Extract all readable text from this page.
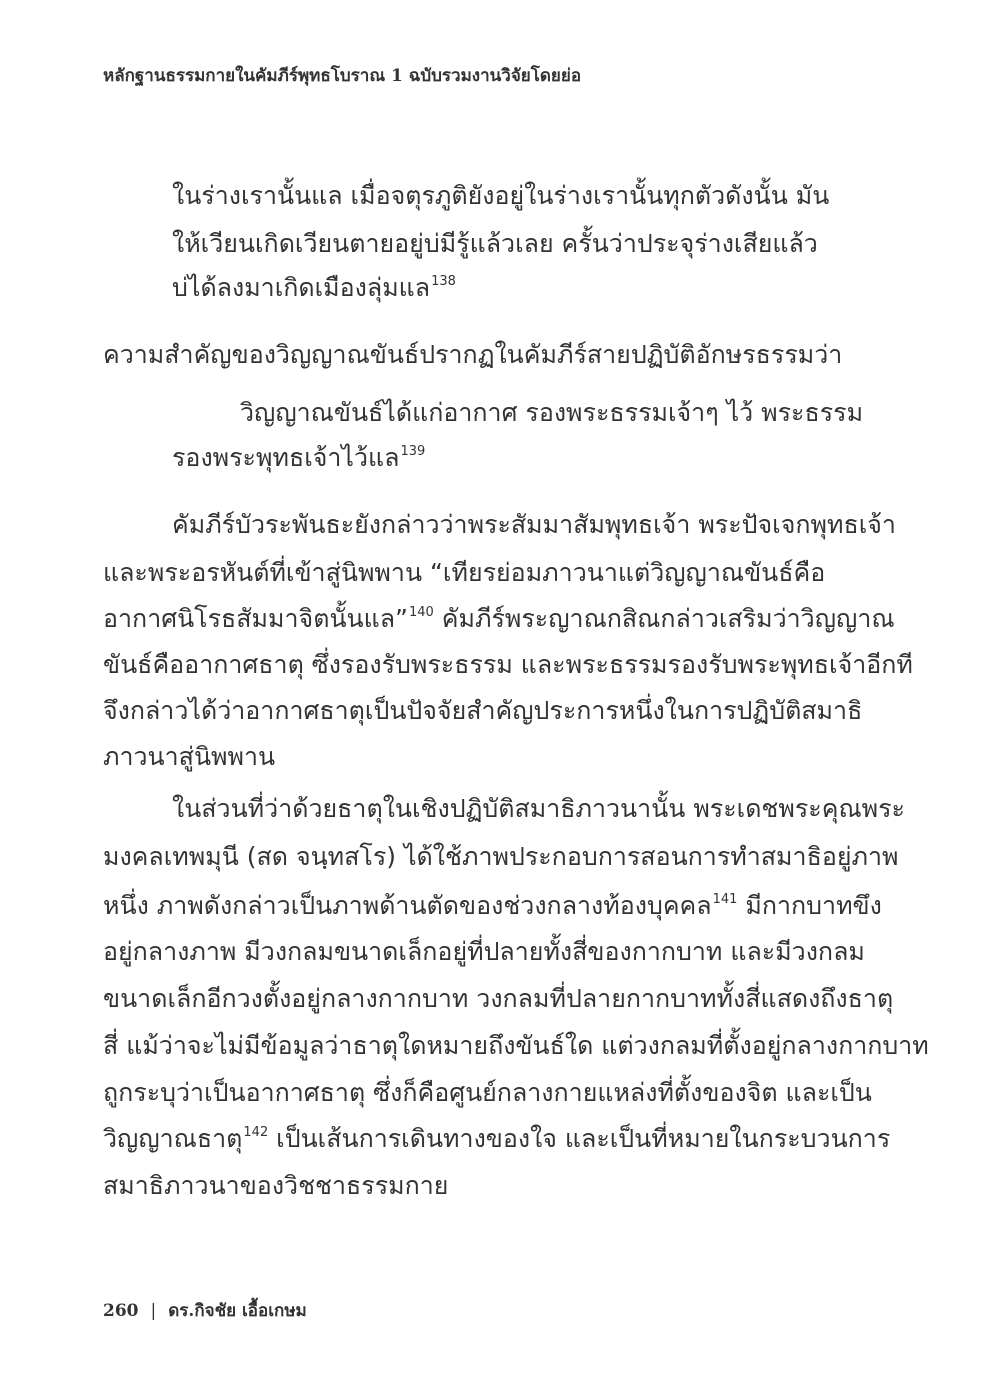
หลักฐานธรรมกายในคัมภีร์พุทธโบราณ 1 ฉบับรวมงานวิจัยโดยย่อ
ในร่างเรานั้นแล เมื่อจตุรภูติยังอยู่ในร่างเรานั้นทุกตัวดังนั้น มัน
ให้เวียนเกิดเวียนตายอยู่บ่มีรู้แล้วเลย ครั้นว่าประจุร่างเสียแล้ว
บ่ได้ลงมาเกิดเมืองลุ่มแล$^{138}$
ความสำคัญของวิญญาณขันธ์ปรากฏในคัมภีร์สายปฏิบัติอักษรธรรมว่า
วิญญาณขันธ์ได้แก่อากาศ รองพระธรรมเจ้าๆ ไว้ พระธรรม
รองพระพุทธเจ้าไว้แล$^{139}$
คัมภีร์บัวระพันธะยังกล่าวว่าพระสัมมาสัมพุทธเจ้า พระปัจเจกพุทธเจ้า
และพระอรหันต์ที่เข้าสู่นิพพาน “เทียรย่อมภาวนาแต่วิญญาณขันธ์คือ
อากาศนิโรธสัมมาจิตนั้นแล”$^{140}$ คัมภีร์พระญาณกสิณกล่าวเสริมว่าวิญญาณ
ขันธ์คืออากาศธาตุ ซึ่งรองรับพระธรรม และพระธรรมรองรับพระพุทธเจ้าอีกที
จึงกล่าวได้ว่าอากาศธาตุเป็นปัจจัยสำคัญประการหนึ่งในการปฏิบัติสมาธิ
ภาวนาสู่นิพพาน
ในส่วนที่ว่าด้วยธาตุในเชิงปฏิบัติสมาธิภาวนานั้น พระเดชพระคุณพระ
มงคลเทพมุนี (สด จนฺทสโร) ได้ใช้ภาพประกอบการสอนการทำสมาธิอยู่ภาพ
หนึ่ง ภาพดังกล่าวเป็นภาพด้านตัดของช่วงกลางท้องบุคคล$^{141}$ มีกากบาทขึง
อยู่กลางภาพ มีวงกลมขนาดเล็กอยู่ที่ปลายทั้งสี่ของกากบาท และมีวงกลม
ขนาดเล็กอีกวงตั้งอยู่กลางกากบาท วงกลมที่ปลายกากบาททั้งสี่แสดงถึงธาตุ
สี่ แม้ว่าจะไม่มีข้อมูลว่าธาตุใดหมายถึงขันธ์ใด แต่วงกลมที่ตั้งอยู่กลางกากบาท
ถูกระบุว่าเป็นอากาศธาตุ ซึ่งก็คือศูนย์กลางกายแหล่งที่ตั้งของจิต และเป็น
วิญญาณธาตุ$^{142}$ เป็นเส้นการเดินทางของใจ และเป็นที่หมายในกระบวนการ
สมาธิภาวนาของวิชชาธรรมกาย
260 | ดร.กิจชัย เอื้อเกษม
